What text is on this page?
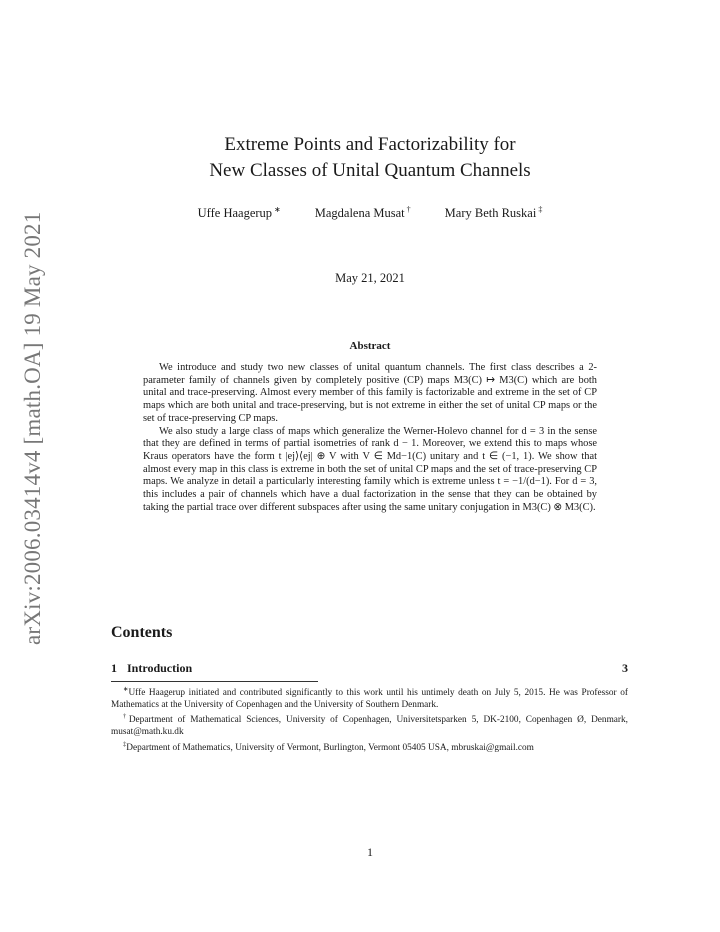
arXiv:2006.03414v4 [math.OA] 19 May 2021
Extreme Points and Factorizability for
New Classes of Unital Quantum Channels
Uffe Haagerup ∗	Magdalena Musat †	Mary Beth Ruskai ‡
May 21, 2021
Abstract

We introduce and study two new classes of unital quantum channels. The first class describes a 2-parameter family of channels given by completely positive (CP) maps M3(C) ↦ M3(C) which are both unital and trace-preserving. Almost every member of this family is factorizable and extreme in the set of CP maps which are both unital and trace-preserving, but is not extreme in either the set of unital CP maps or the set of trace-preserving CP maps.

We also study a large class of maps which generalize the Werner-Holevo channel for d = 3 in the sense that they are defined in terms of partial isometries of rank d − 1. Moreover, we extend this to maps whose Kraus operators have the form t |ej⟩⟨ej| ⊕ V with V ∈ Md−1(C) unitary and t ∈ (−1, 1). We show that almost every map in this class is extreme in both the set of unital CP maps and the set of trace-preserving CP maps. We analyze in detail a particularly interesting family which is extreme unless t = −1/(d−1). For d = 3, this includes a pair of channels which have a dual factorization in the sense that they can be obtained by taking the partial trace over different subspaces after using the same unitary conjugation in M3(C) ⊗ M3(C).

Contents
1 Introduction	3

∗Uffe Haagerup initiated and contributed significantly to this work until his untimely death on July 5, 2015. He was Professor of Mathematics at the University of Copenhagen and the University of Southern Denmark.

†Department of Mathematical Sciences, University of Copenhagen, Universitetsparken 5, DK-2100, Copenhagen Ø, Denmark, musat@math.ku.dk

‡Department of Mathematics, University of Vermont, Burlington, Vermont 05405 USA, mbruskai@gmail.com

1
